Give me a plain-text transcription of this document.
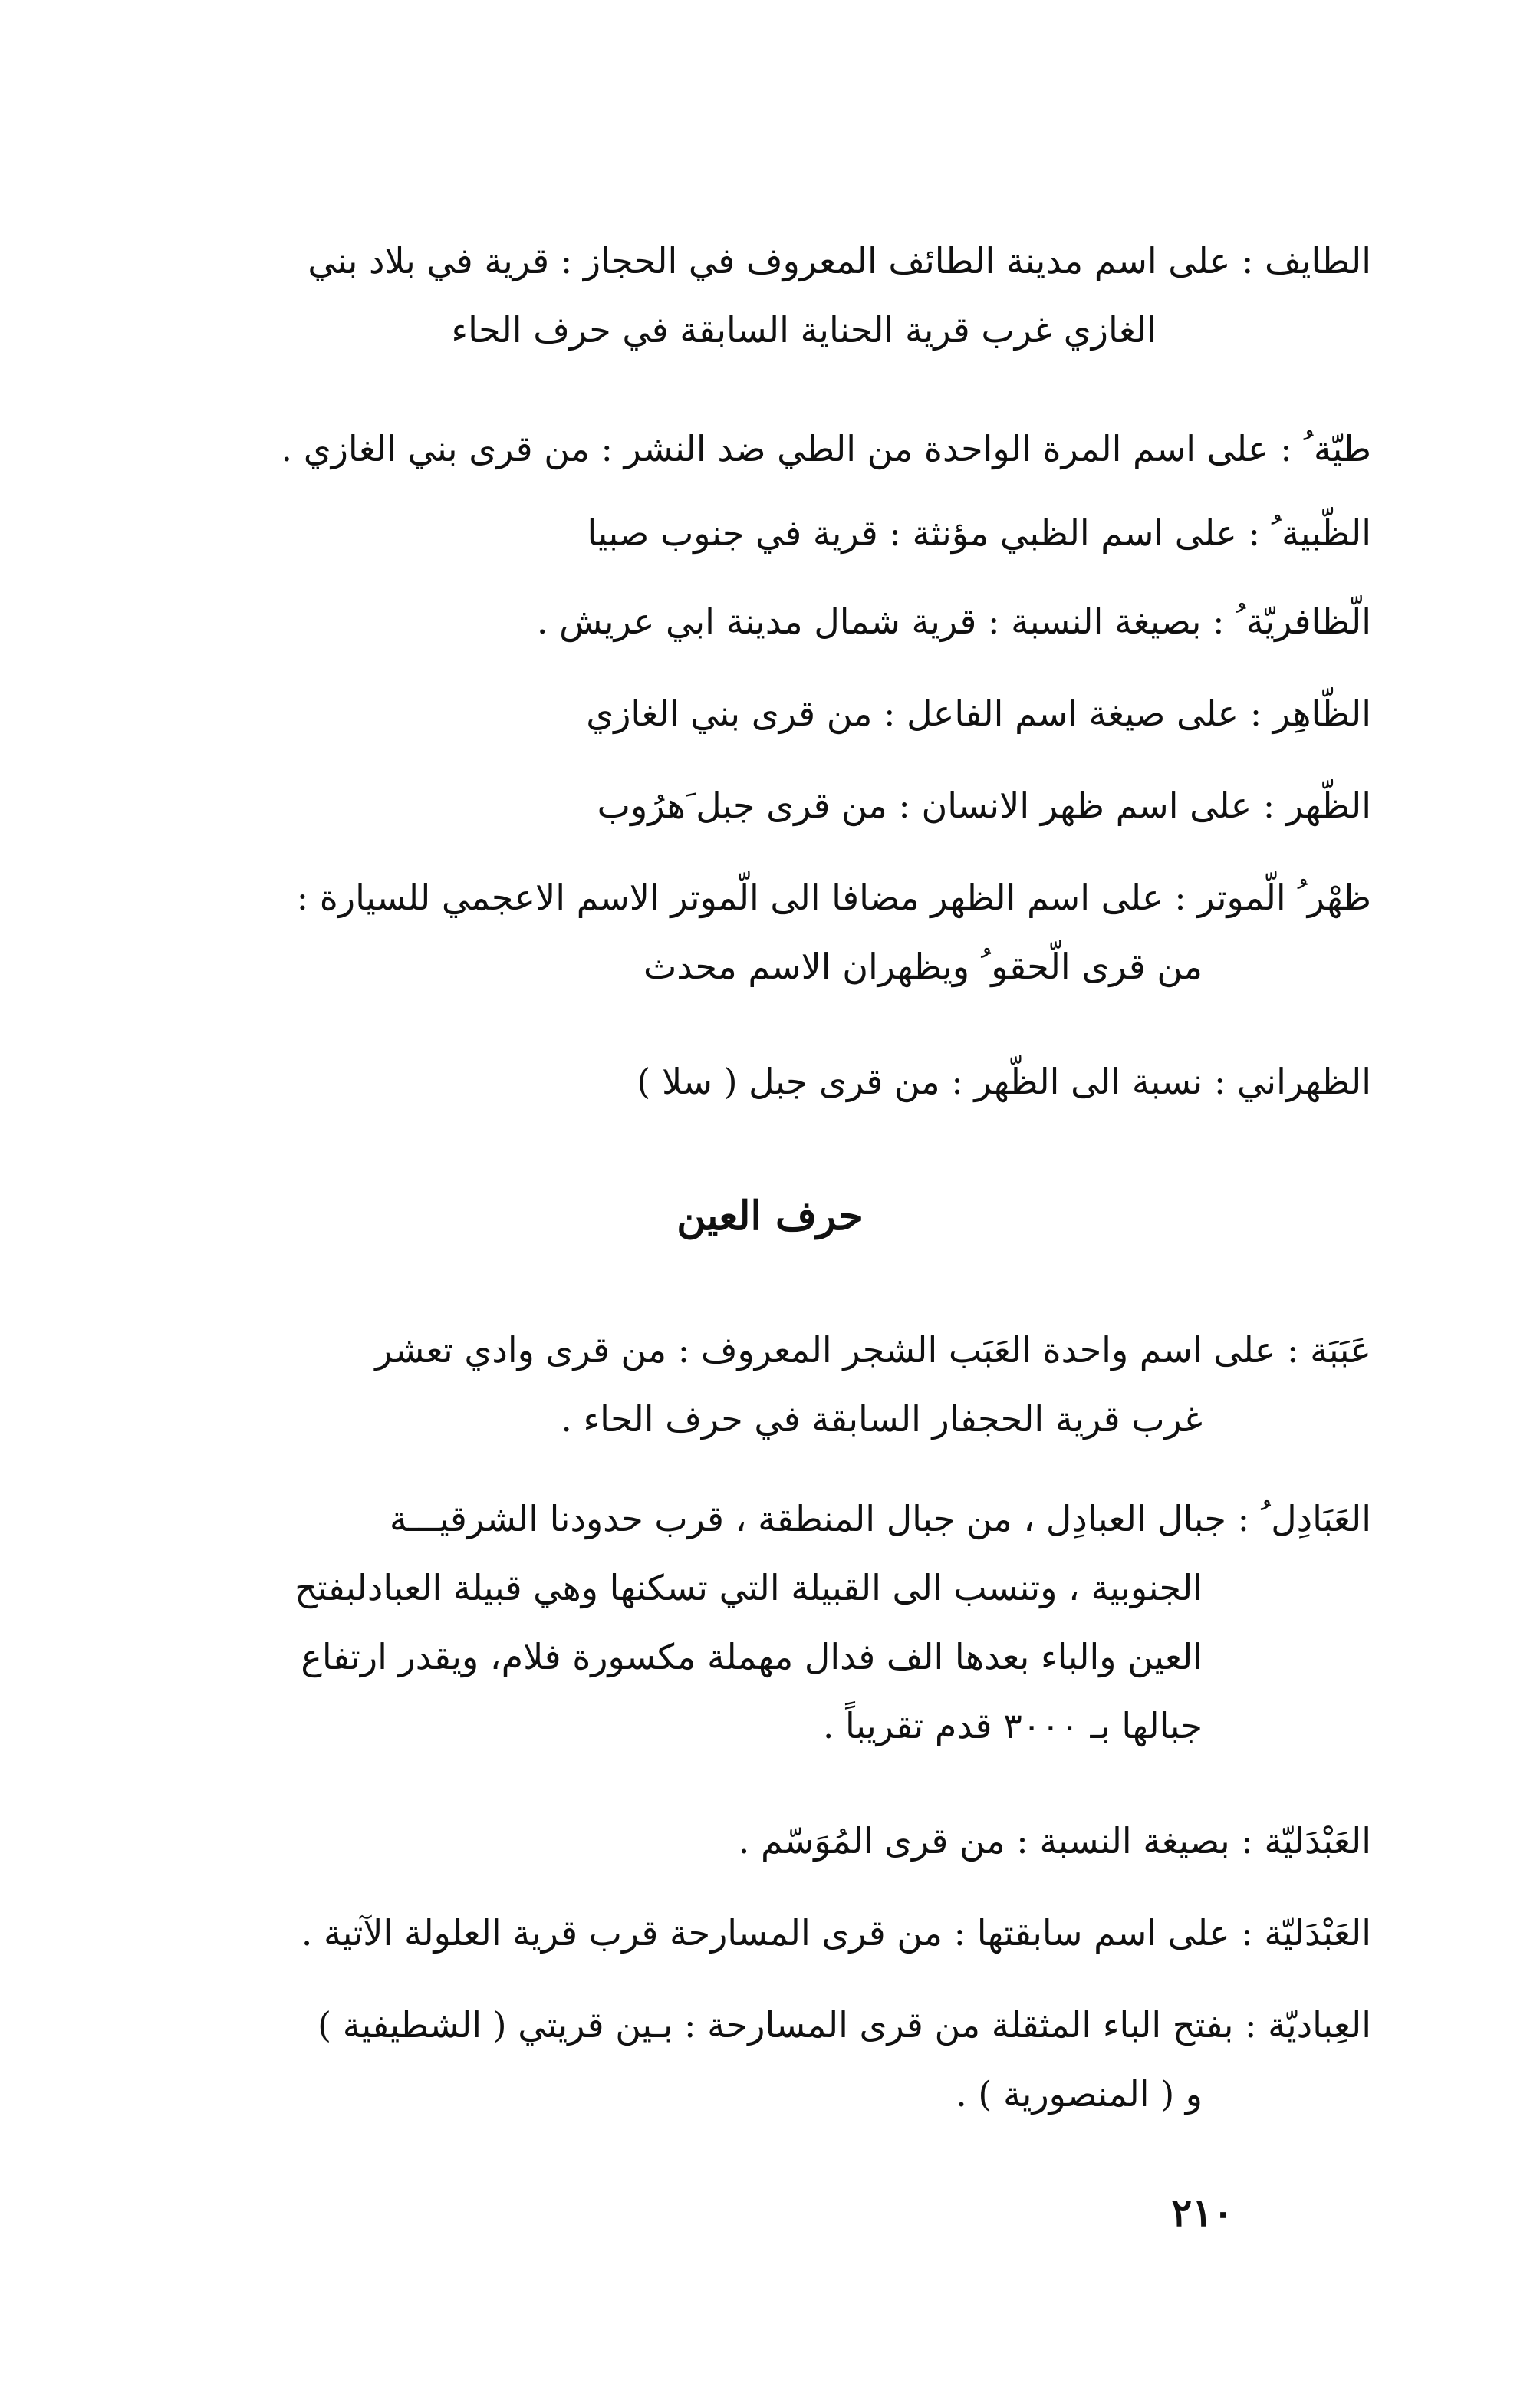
الطايف : على اسم مدينة الطائف المعروف في الحجاز : قرية في بلاد بني
الغازي غرب قرية الحناية السابقة في حرف الحاء
َطيّة ُ : على اسم المرة الواحدة من الطي ضد النشر : من قرى بني الغازي .
الظّبية ُ : على اسم الظبي مؤنثة : قرية في جنوب صبيا
الّظافريّة ُ : بصيغة النسبة : قرية شمال مدينة ابي عريش .
الظّاهِر : على صيغة اسم الفاعل : من قرى بني الغازي
الظّهر : على اسم ظهر الانسان : من قرى جبل َهرُوب
َظهْر ُ الّموتر : على اسم الظهر مضافا الى الّموتر الاسم الاعجمي للسيارة :
من قرى الّحقو ُ ويظهران الاسم محدث
الظهراني : نسبة الى الظّهر : من قرى جبل ( سلا )
حرف العين
عَبَبَة : على اسم واحدة العَبَب الشجر المعروف : من قرى وادي تعشر
غرب قرية الحجفار السابقة في حرف الحاء .
العَبَادِل ُ : جبال العبادِل ، من جبال المنطقة ، قرب حدودنا الشرقيـــة
الجنوبية ، وتنسب الى القبيلة التي تسكنها وهي قبيلة العبادلبفتح
العين والباء بعدها الف فدال مهملة مكسورة فلام، ويقدر ارتفاع
جبالها بـ ٣٠٠٠ قدم تقريباً .
العَبْدَليّة : بصيغة النسبة : من قرى المُوَسّم .
العَبْدَليّة : على اسم سابقتها : من قرى المسارحة قرب قرية العلولة الآتية .
العِباديّة : بفتح الباء المثقلة من قرى المسارحة : بـين قريتي ( الشطيفية )
و ( المنصورية ) .
٢١٠
